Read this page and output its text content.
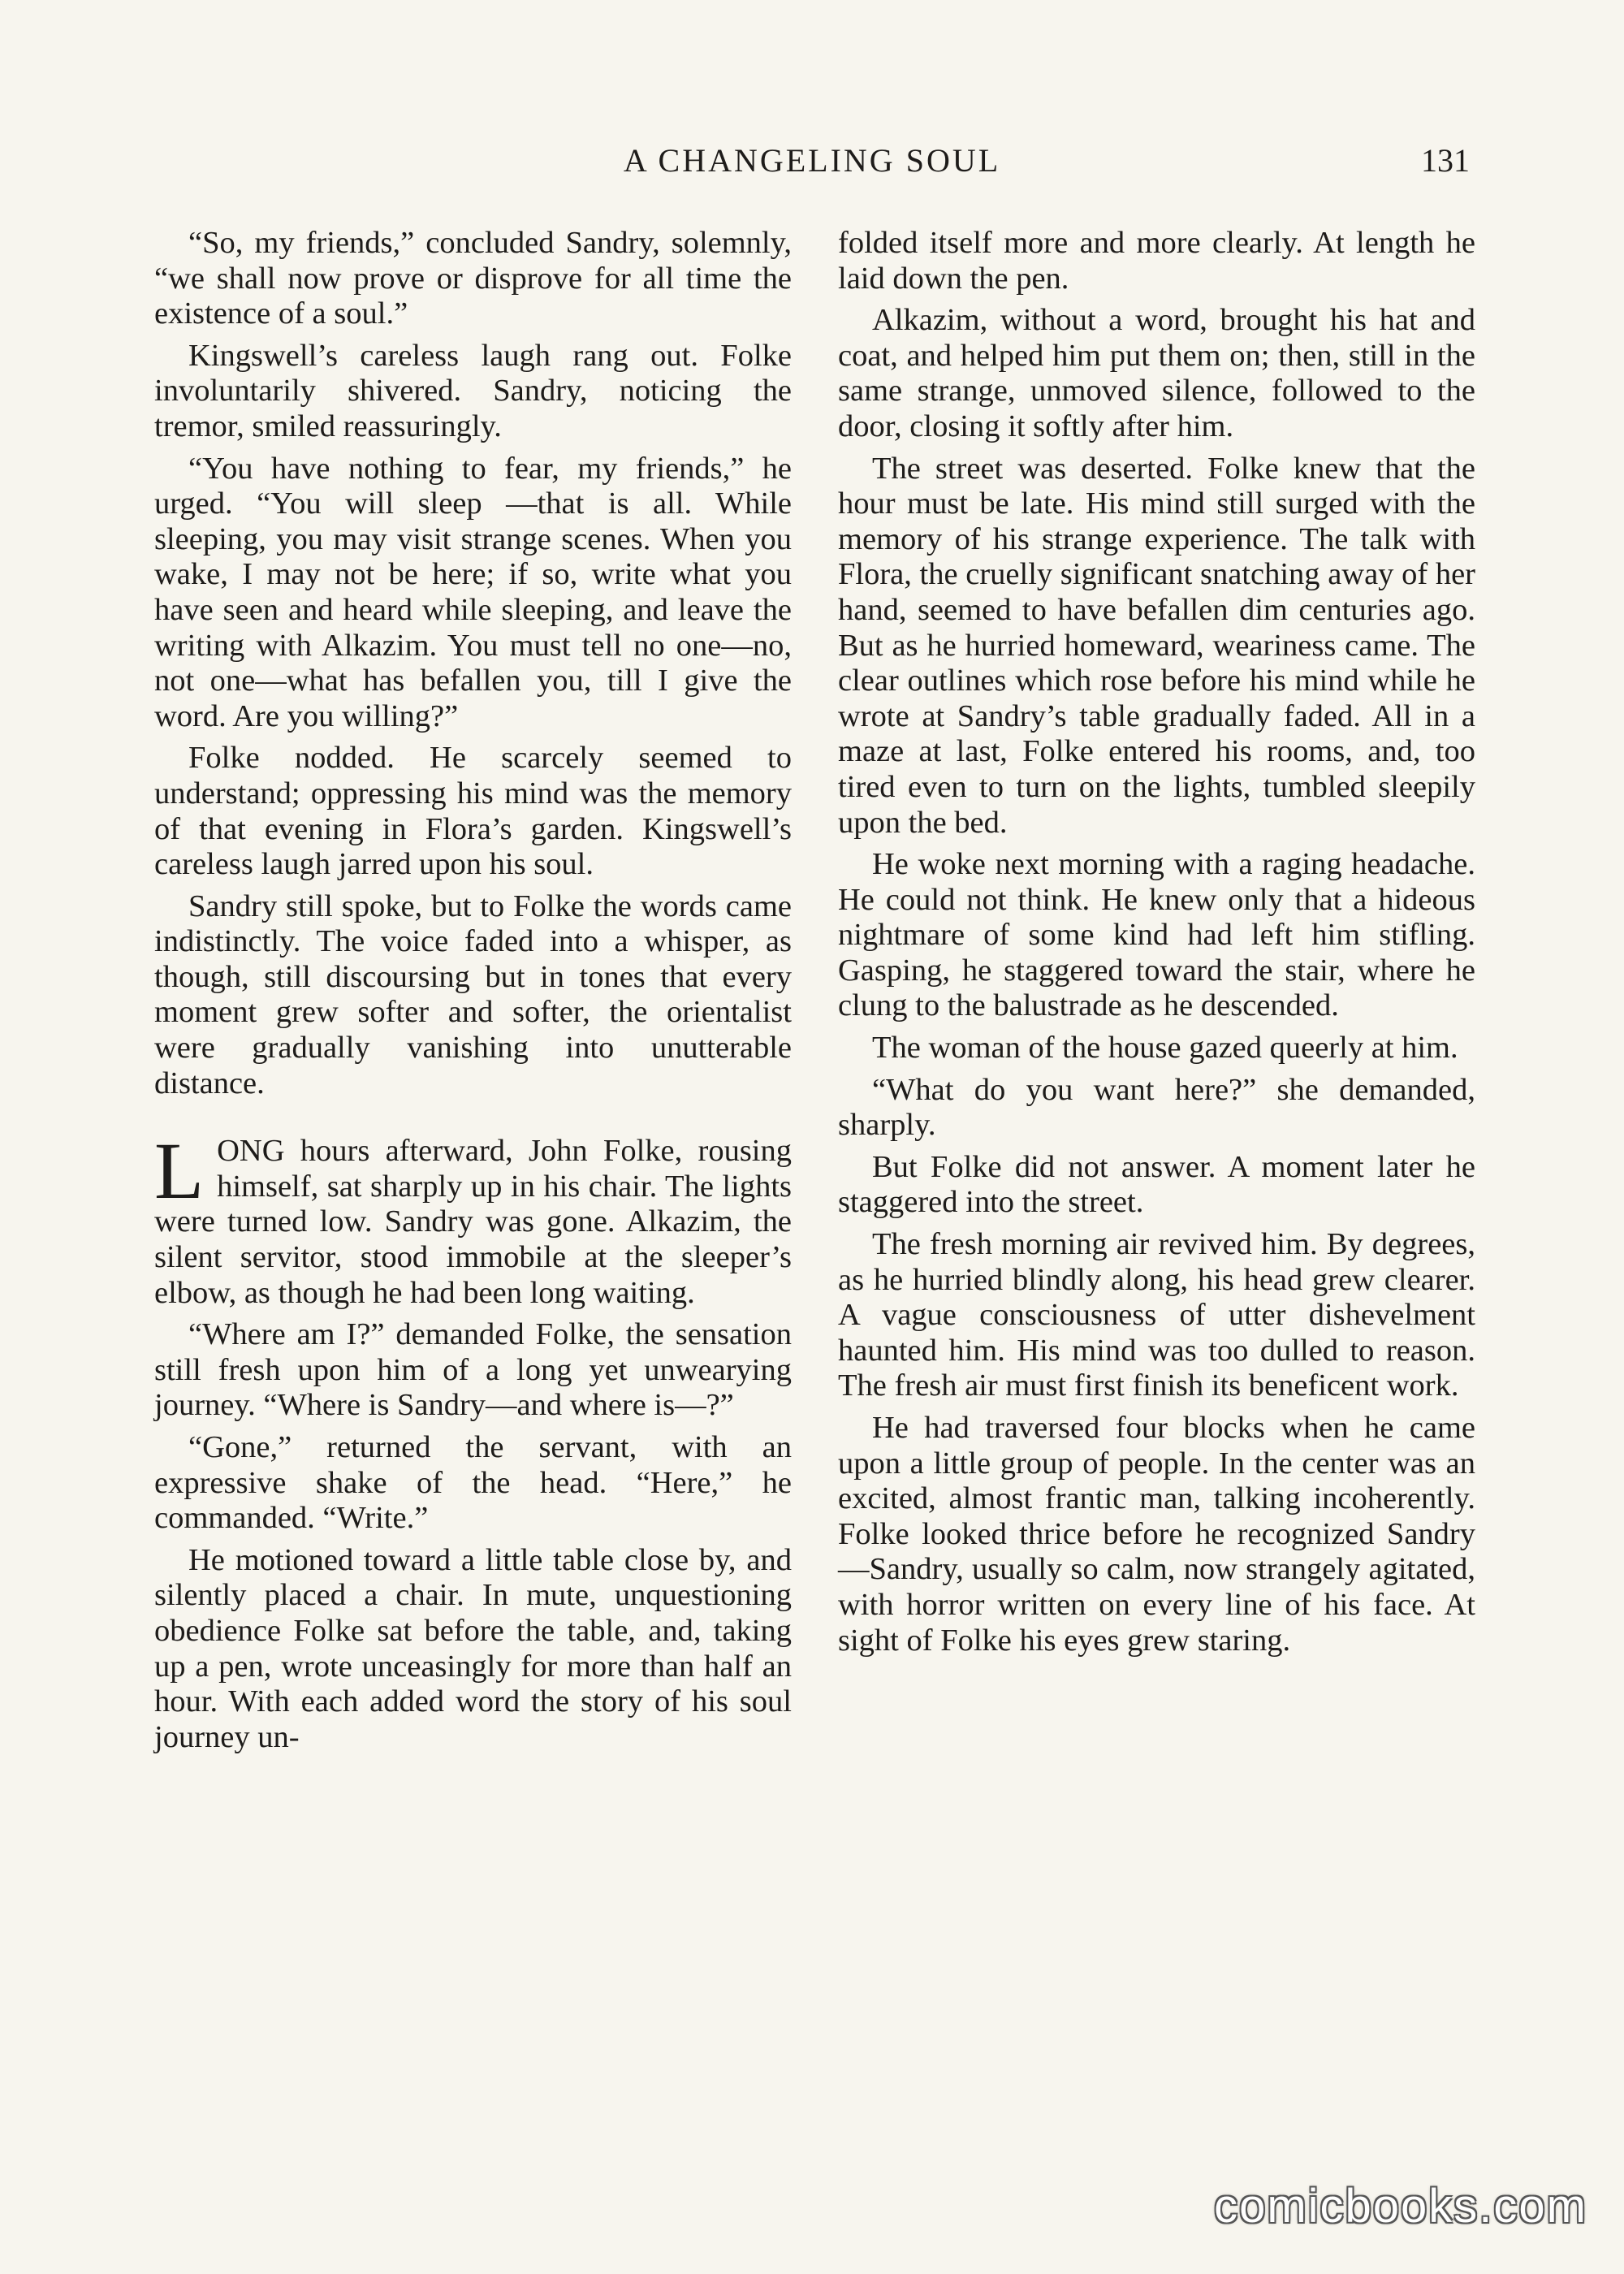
A CHANGELING SOUL	131

“So, my friends,” concluded Sandry, solemnly, “we shall now prove or disprove for all time the existence of a soul.”

Kingswell’s careless laugh rang out. Folke involuntarily shivered. Sandry, noticing the tremor, smiled reassuringly.

“You have nothing to fear, my friends,” he urged. “You will sleep —that is all. While sleeping, you may visit strange scenes. When you wake, I may not be here; if so, write what you have seen and heard while sleeping, and leave the writing with Alkazim. You must tell no one—no, not one—what has befallen you, till I give the word. Are you willing?”

Folke nodded. He scarcely seemed to understand; oppressing his mind was the memory of that evening in Flora’s garden. Kingswell’s careless laugh jarred upon his soul.

Sandry still spoke, but to Folke the words came indistinctly. The voice faded into a whisper, as though, still discoursing but in tones that every moment grew softer and softer, the orientalist were gradually vanishing into unutterable distance.

LONG hours afterward, John Folke, rousing himself, sat sharply up in his chair. The lights were turned low. Sandry was gone. Alkazim, the silent servitor, stood immobile at the sleeper’s elbow, as though he had been long waiting.

“Where am I?” demanded Folke, the sensation still fresh upon him of a long yet unwearying journey. “Where is Sandry—and where is—?”

“Gone,” returned the servant, with an expressive shake of the head. “Here,” he commanded. “Write.”

He motioned toward a little table close by, and silently placed a chair. In mute, unquestioning obedience Folke sat before the table, and, taking up a pen, wrote unceasingly for more than half an hour. With each added word the story of his soul journey un-

folded itself more and more clearly. At length he laid down the pen.

Alkazim, without a word, brought his hat and coat, and helped him put them on; then, still in the same strange, unmoved silence, followed to the door, closing it softly after him.

The street was deserted. Folke knew that the hour must be late. His mind still surged with the memory of his strange experience. The talk with Flora, the cruelly significant snatching away of her hand, seemed to have befallen dim centuries ago. But as he hurried homeward, weariness came. The clear outlines which rose before his mind while he wrote at Sandry’s table gradually faded. All in a maze at last, Folke entered his rooms, and, too tired even to turn on the lights, tumbled sleepily upon the bed.

He woke next morning with a raging headache. He could not think. He knew only that a hideous nightmare of some kind had left him stifling. Gasping, he staggered toward the stair, where he clung to the balustrade as he descended.

The woman of the house gazed queerly at him.

“What do you want here?” she demanded, sharply.

But Folke did not answer. A moment later he staggered into the street.

The fresh morning air revived him. By degrees, as he hurried blindly along, his head grew clearer. A vague consciousness of utter dishevelment haunted him. His mind was too dulled to reason. The fresh air must first finish its beneficent work.

He had traversed four blocks when he came upon a little group of people. In the center was an excited, almost frantic man, talking incoherently. Folke looked thrice before he recognized Sandry—Sandry, usually so calm, now strangely agitated, with horror written on every line of his face. At sight of Folke his eyes grew staring.

comicbooks.com
